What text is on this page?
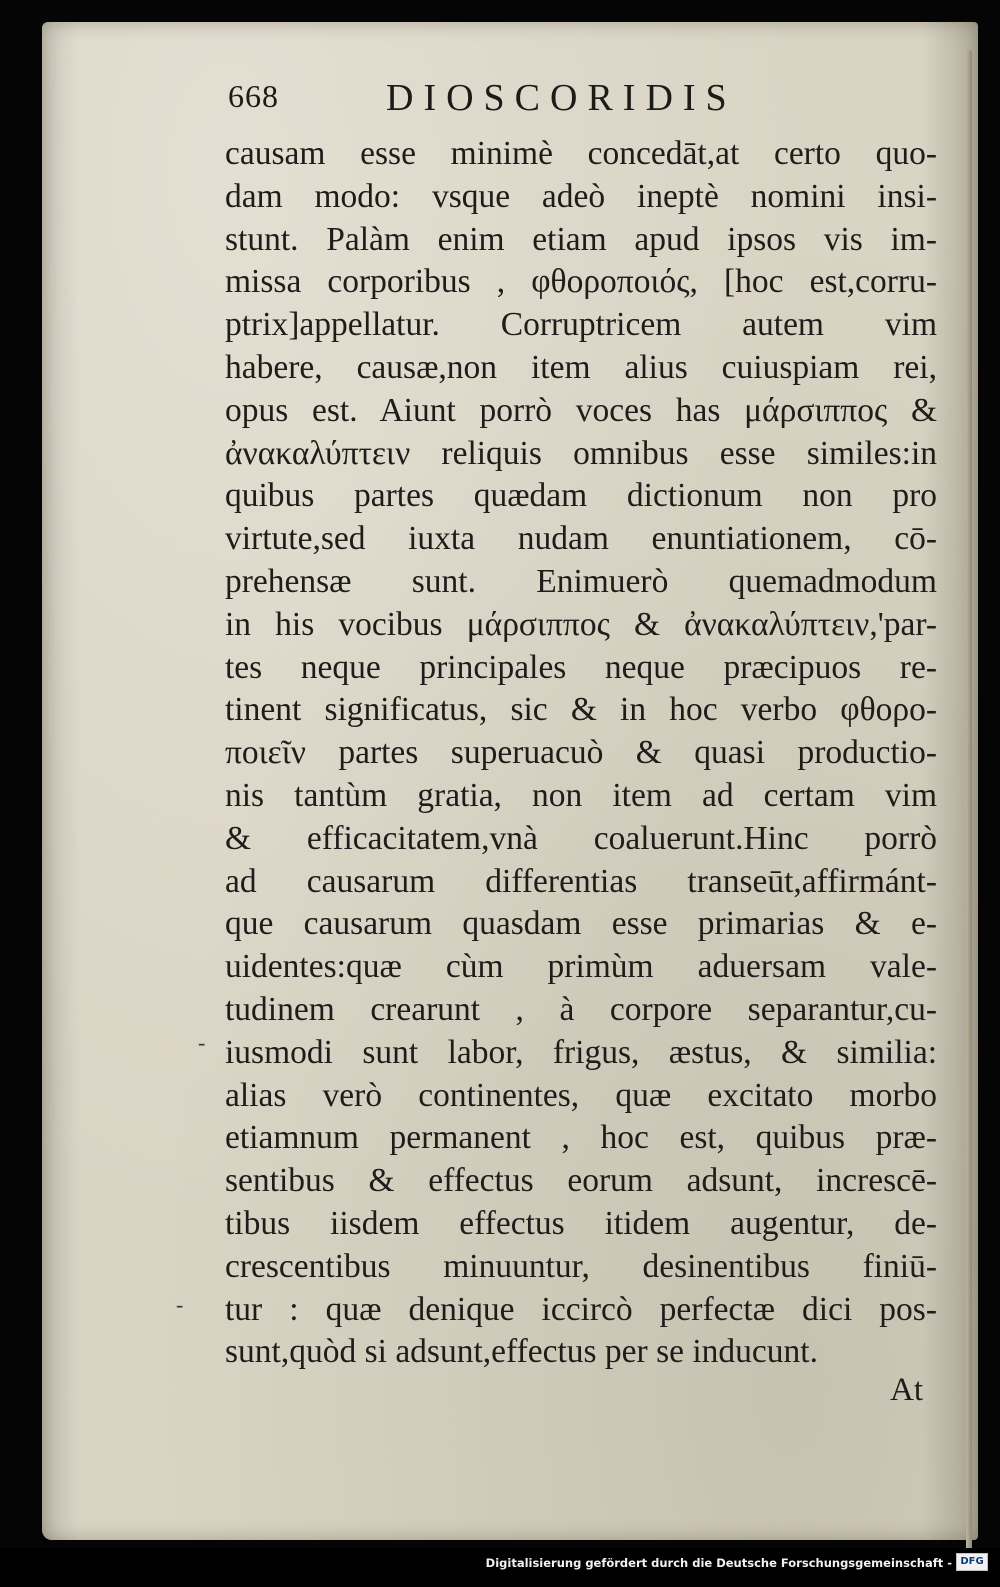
668	DIOSCORIDIS
causam esse minimè concedāt,at certo quo-
dam modo: vsque adeò ineptè nomini insi-
stunt. Palàm enim etiam apud ipsos vis im-
missa corporibus , φθοροποιός, [hoc est,corru-
ptrix]appellatur. Corruptricem autem vim
habere, causæ,non item alius cuiuspiam rei,
opus est. Aiunt porrò voces has μάρσιππος &
ἀνακαλύπτειν reliquis omnibus esse similes:in
quibus partes quædam dictionum non pro
virtute,sed iuxta nudam enuntiationem, cō-
prehensæ sunt. Enimuerò quemadmodum
in his vocibus μάρσιππος & ἀνακαλύπτειν,'par-
tes neque principales neque præcipuos re-
tinent significatus, sic & in hoc verbo φθορο-
ποιεῖν partes superuacuò & quasi productio-
nis tantùm gratia, non item ad certam vim
& efficacitatem,vnà coaluerunt.Hinc porrò
ad causarum differentias transeūt,affirmánt-
que causarum quasdam esse primarias & e-
uidentes:quæ cùm primùm aduersam vale-
tudinem crearunt , à corpore separantur,cu-
iusmodi sunt labor, frigus, æstus, & similia:
alias verò continentes, quæ excitato morbo
etiamnum permanent , hoc est, quibus præ-
sentibus & effectus eorum adsunt, increscē-
tibus iisdem effectus itidem augentur, de-
crescentibus minuuntur, desinentibus finiū-
tur : quæ denique iccircò perfectæ dici pos-
sunt,quòd si adsunt,effectus per se inducunt.
At
-
-
Digitalisierung gefördert durch die Deutsche Forschungsgemeinschaft - DFG
